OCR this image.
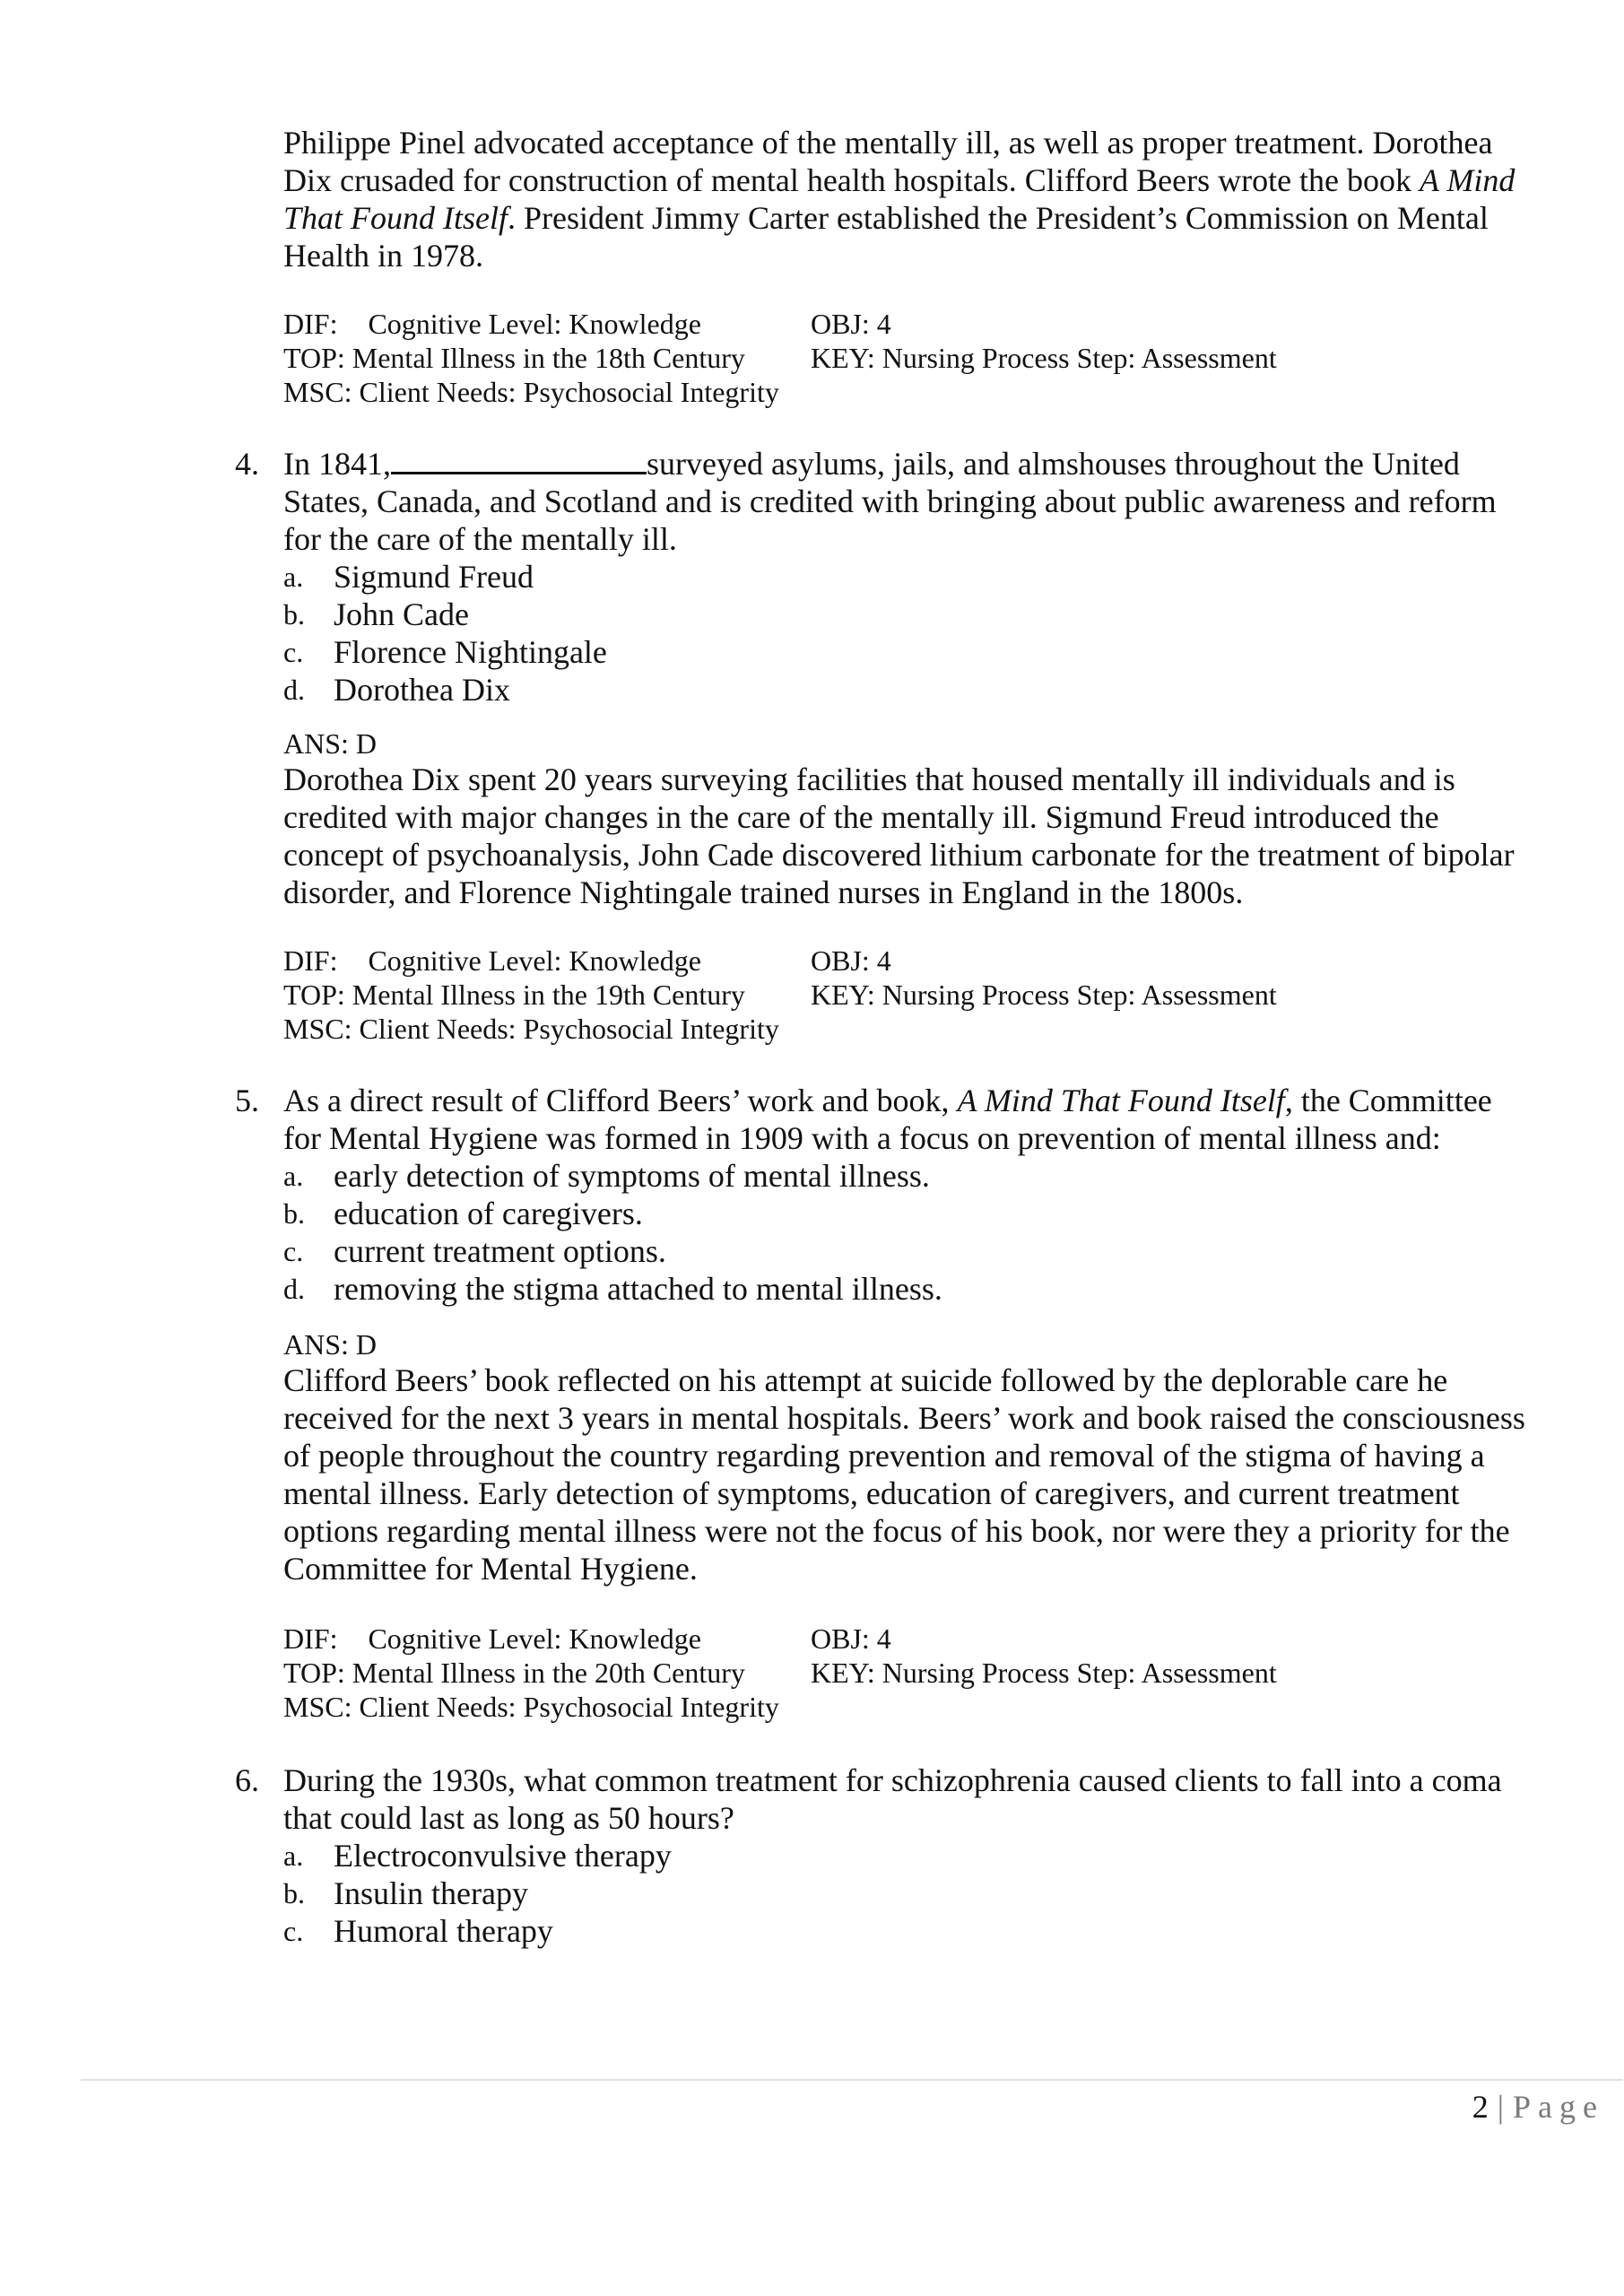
Philippe Pinel advocated acceptance of the mentally ill, as well as proper treatment. Dorothea Dix crusaded for construction of mental health hospitals. Clifford Beers wrote the book A Mind That Found Itself. President Jimmy Carter established the President’s Commission on Mental Health in 1978.

DIF: Cognitive Level: Knowledge	OBJ: 4
TOP: Mental Illness in the 18th Century KEY: Nursing Process Step: Assessment
MSC: Client Needs: Psychosocial Integrity
4. In 1841,	surveyed asylums, jails, and almshouses throughout the United States, Canada, and Scotland and is credited with bringing about public awareness and reform for the care of the mentally ill.
a. Sigmund Freud
b. John Cade
c. Florence Nightingale
d. Dorothea Dix
ANS: D

Dorothea Dix spent 20 years surveying facilities that housed mentally ill individuals and is credited with major changes in the care of the mentally ill. Sigmund Freud introduced the concept of psychoanalysis, John Cade discovered lithium carbonate for the treatment of bipolar disorder, and Florence Nightingale trained nurses in England in the 1800s.

DIF: Cognitive Level: Knowledge	OBJ: 4
TOP: Mental Illness in the 19th Century KEY: Nursing Process Step: Assessment
MSC: Client Needs: Psychosocial Integrity
5. As a direct result of Clifford Beers’ work and book, A Mind That Found Itself, the Committee for Mental Hygiene was formed in 1909 with a focus on prevention of mental illness and:
a. early detection of symptoms of mental illness.
b. education of caregivers.
c. current treatment options.
d. removing the stigma attached to mental illness.
ANS: D

Clifford Beers’ book reflected on his attempt at suicide followed by the deplorable care he received for the next 3 years in mental hospitals. Beers’ work and book raised the consciousness of people throughout the country regarding prevention and removal of the stigma of having a mental illness. Early detection of symptoms, education of caregivers, and current treatment options regarding mental illness were not the focus of his book, nor were they a priority for the Committee for Mental Hygiene.

DIF: Cognitive Level: Knowledge	OBJ: 4
TOP: Mental Illness in the 20th Century KEY: Nursing Process Step: Assessment
MSC: Client Needs: Psychosocial Integrity
6. During the 1930s, what common treatment for schizophrenia caused clients to fall into a coma that could last as long as 50 hours?
a. Electroconvulsive therapy
b. Insulin therapy
c. Humoral therapy
2 | Page
